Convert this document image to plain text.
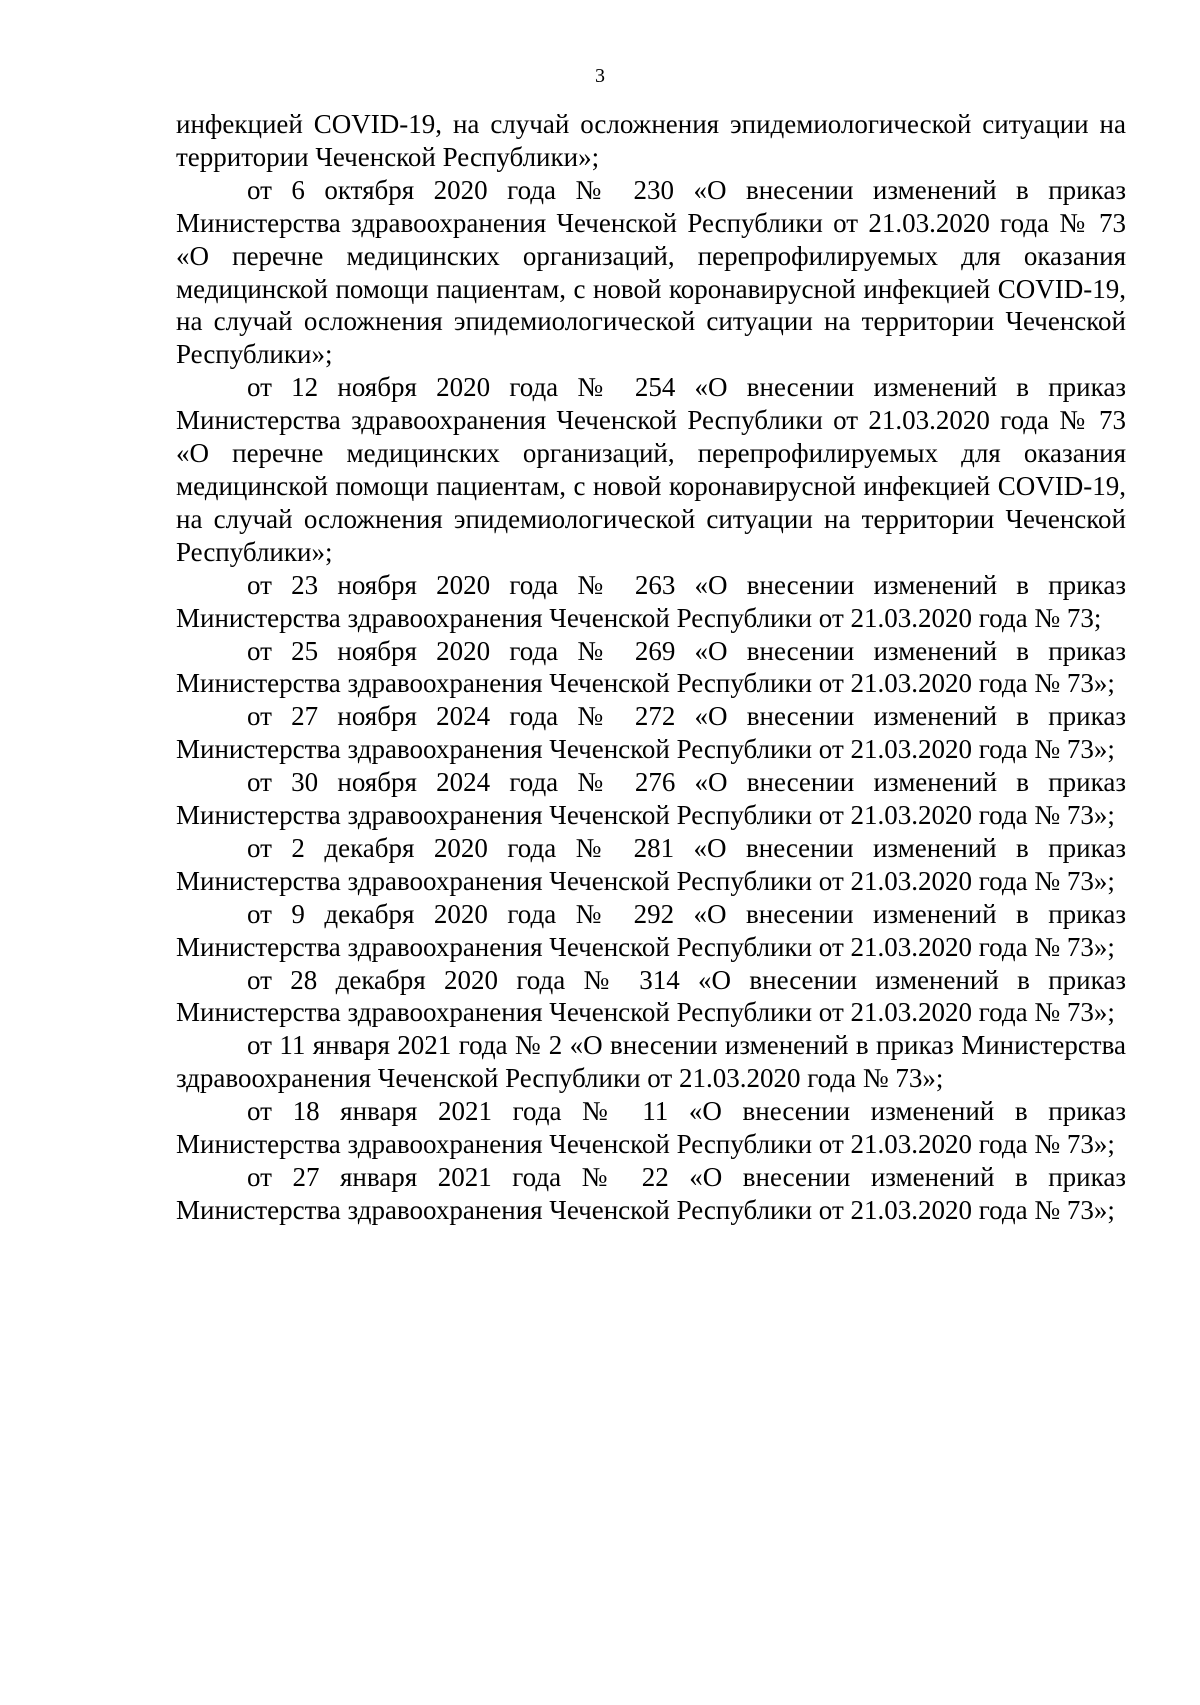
3

инфекцией COVID-19, на случай осложнения эпидемиологической ситуации на территории Чеченской Республики»;

от 6 октября 2020 года № 230 «О внесении изменений в приказ Министерства здравоохранения Чеченской Республики от 21.03.2020 года № 73 «О перечне медицинских организаций, перепрофилируемых для оказания медицинской помощи пациентам, с новой коронавирусной инфекцией COVID-19, на случай осложнения эпидемиологической ситуации на территории Чеченской Республики»;

от 12 ноября 2020 года № 254 «О внесении изменений в приказ Министерства здравоохранения Чеченской Республики от 21.03.2020 года № 73 «О перечне медицинских организаций, перепрофилируемых для оказания медицинской помощи пациентам, с новой коронавирусной инфекцией COVID-19, на случай осложнения эпидемиологической ситуации на территории Чеченской Республики»;

от 23 ноября 2020 года № 263 «О внесении изменений в приказ Министерства здравоохранения Чеченской Республики от 21.03.2020 года № 73;

от 25 ноября 2020 года № 269 «О внесении изменений в приказ Министерства здравоохранения Чеченской Республики от 21.03.2020 года № 73»;

от 27 ноября 2024 года № 272 «О внесении изменений в приказ Министерства здравоохранения Чеченской Республики от 21.03.2020 года № 73»;

от 30 ноября 2024 года № 276 «О внесении изменений в приказ Министерства здравоохранения Чеченской Республики от 21.03.2020 года № 73»;

от 2 декабря 2020 года № 281 «О внесении изменений в приказ Министерства здравоохранения Чеченской Республики от 21.03.2020 года № 73»;

от 9 декабря 2020 года № 292 «О внесении изменений в приказ Министерства здравоохранения Чеченской Республики от 21.03.2020 года № 73»;

от 28 декабря 2020 года № 314 «О внесении изменений в приказ Министерства здравоохранения Чеченской Республики от 21.03.2020 года № 73»;

от 11 января 2021 года № 2 «О внесении изменений в приказ Министерства здравоохранения Чеченской Республики от 21.03.2020 года № 73»;

от 18 января 2021 года № 11 «О внесении изменений в приказ Министерства здравоохранения Чеченской Республики от 21.03.2020 года № 73»;

от 27 января 2021 года № 22 «О внесении изменений в приказ Министерства здравоохранения Чеченской Республики от 21.03.2020 года № 73»;
